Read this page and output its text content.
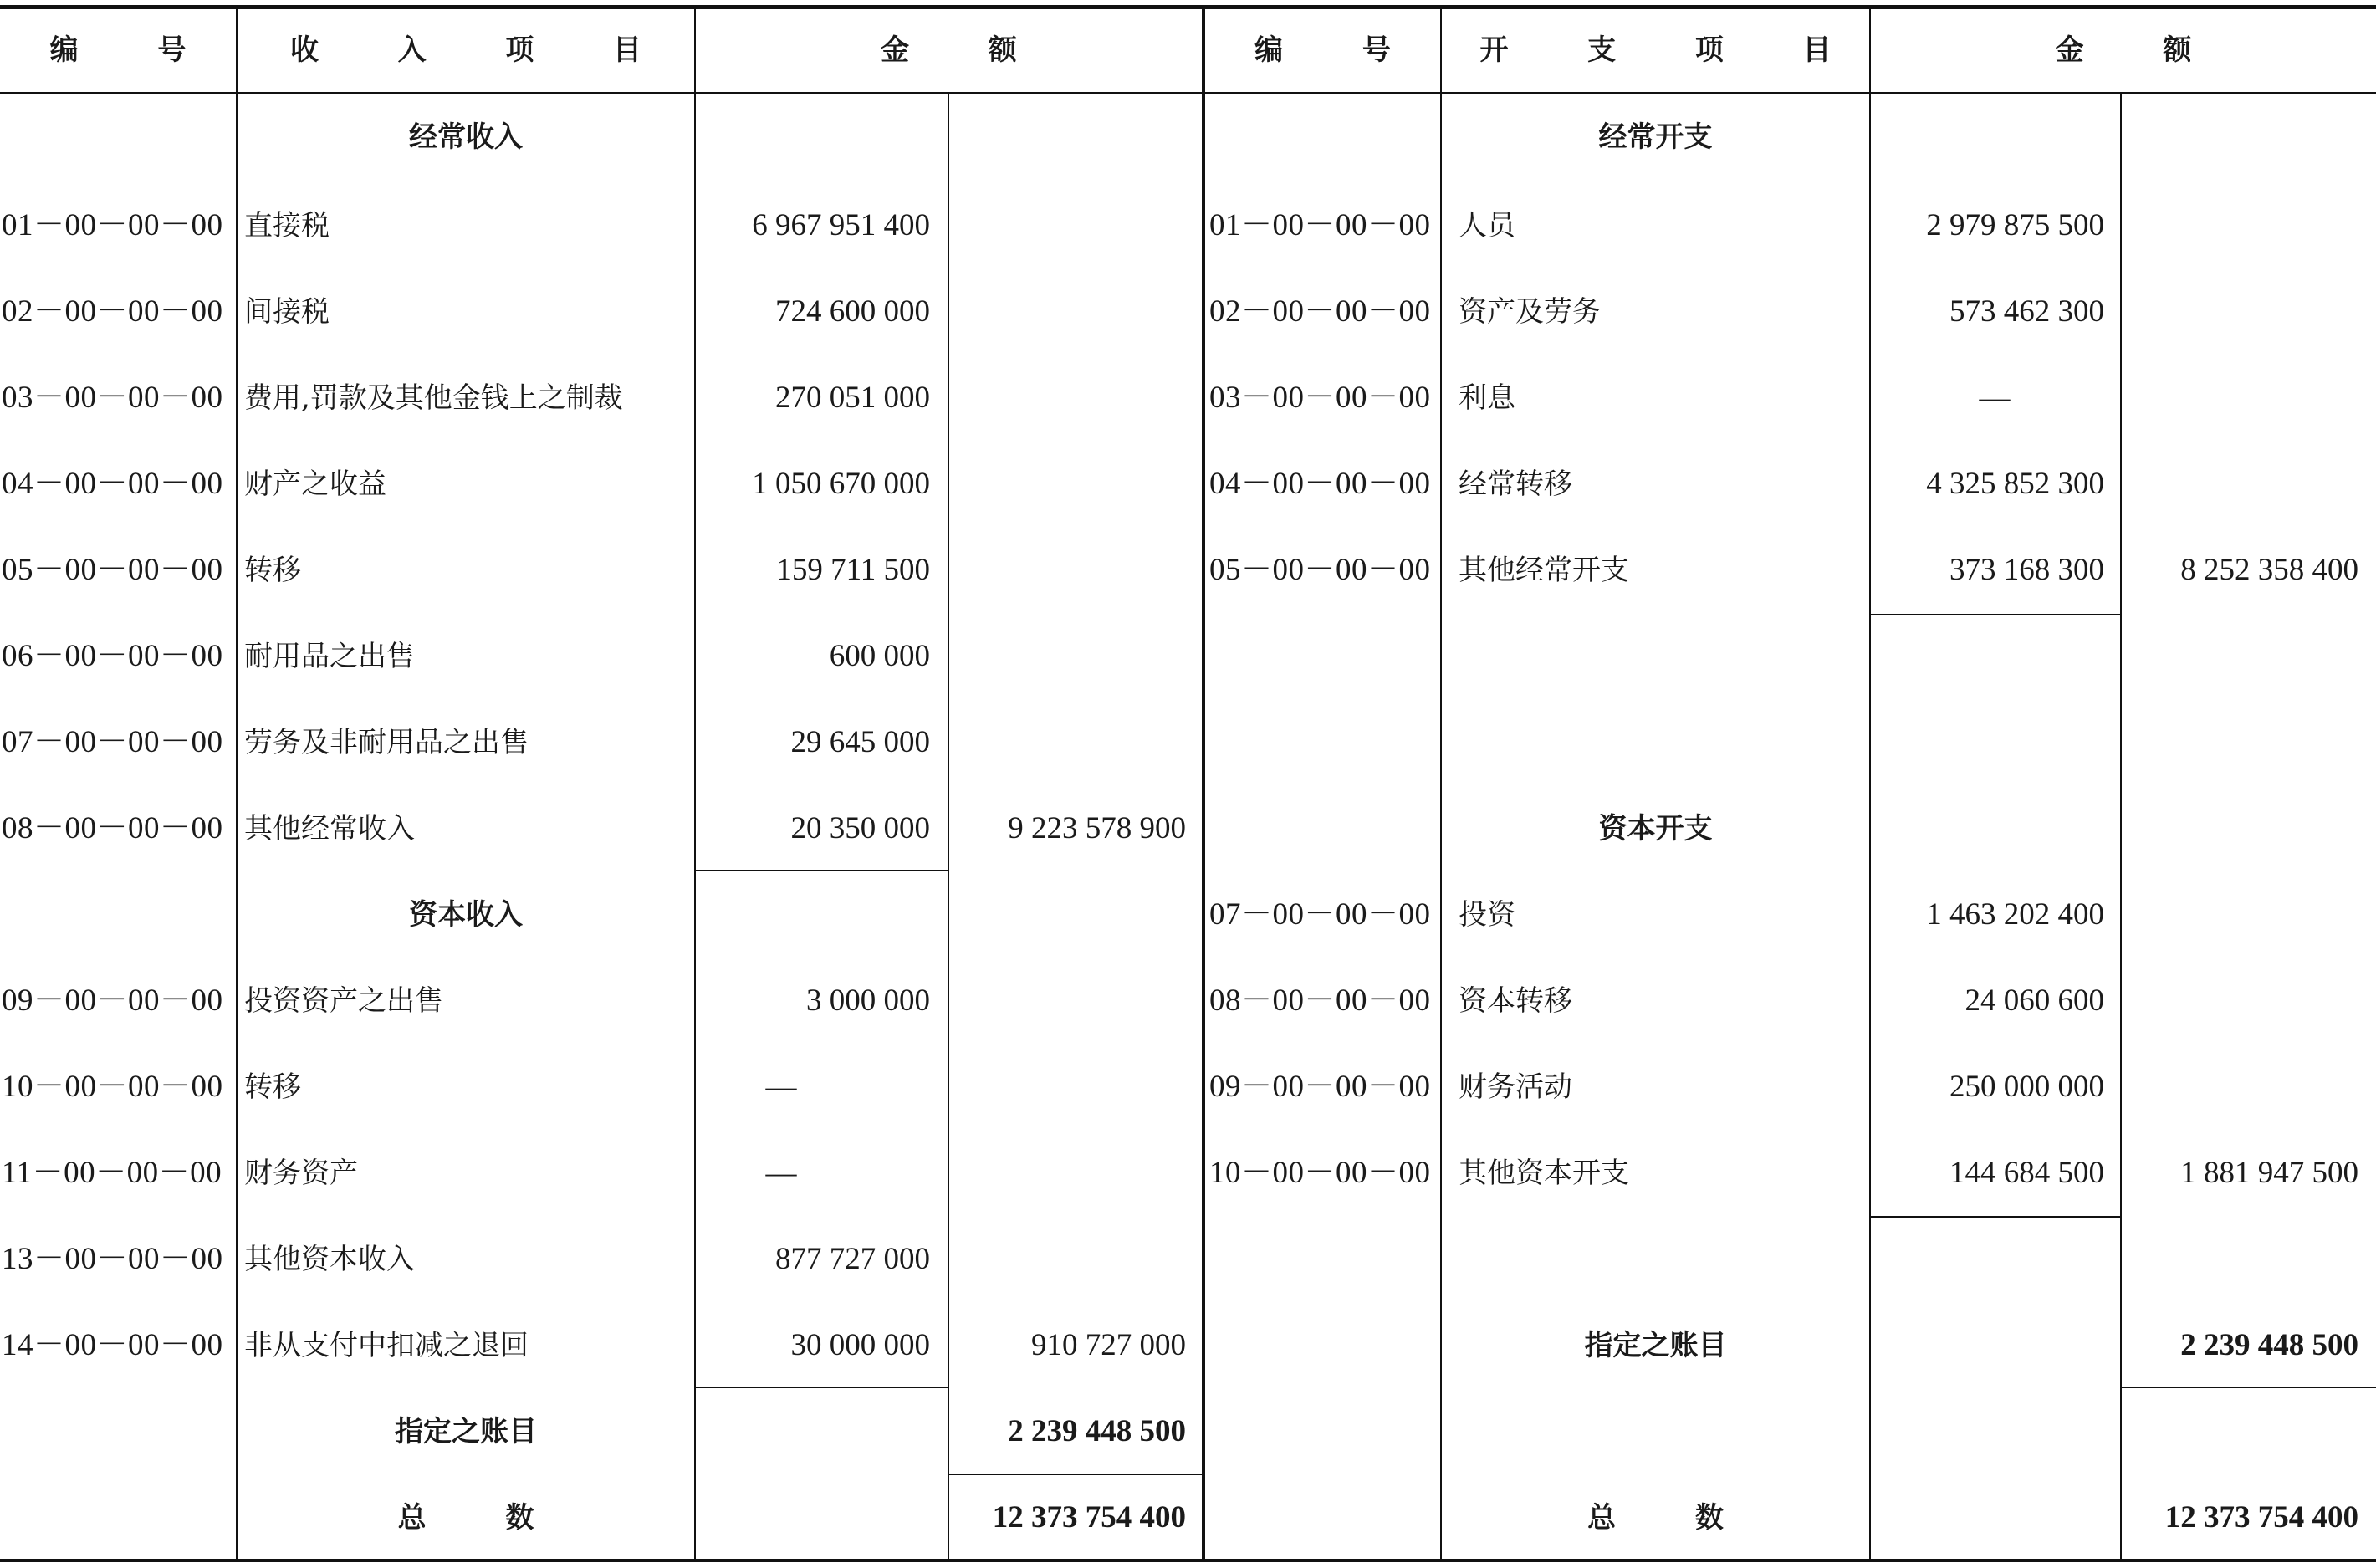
编        号	收        入        项        目	金        额	编        号	开        支        项        目	金        额
经常收入
01－00－00－00 直接税	6 967 951 400
02－00－00－00 间接税	724 600 000
03－00－00－00 费用,罚款及其他金钱上之制裁	270 051 000
04－00－00－00 财产之收益	1 050 670 000
05－00－00－00 转移	159 711 500
06－00－00－00 耐用品之出售	600 000
07－00－00－00 劳务及非耐用品之出售	29 645 000
08－00－00－00 其他经常收入	20 350 000	9 223 578 900
资本收入
09－00－00－00 投资资产之出售	3 000 000
10－00－00－00 转移	—
11－00－00－00 财务资产	—
13－00－00－00 其他资本收入	877 727 000
14－00－00－00 非从支付中扣减之退回	30 000 000	910 727 000
指定之账目	2 239 448 500
总        数	12 373 754 400
经常开支
01－00－00－00 人员	2 979 875 500
02－00－00－00 资产及劳务	573 462 300
03－00－00－00 利息	—
04－00－00－00 经常转移	4 325 852 300
05－00－00－00 其他经常开支	373 168 300	8 252 358 400
资本开支
07－00－00－00 投资	1 463 202 400
08－00－00－00 资本转移	24 060 600
09－00－00－00 财务活动	250 000 000
10－00－00－00 其他资本开支	144 684 500	1 881 947 500
指定之账目	2 239 448 500
总        数	12 373 754 400
